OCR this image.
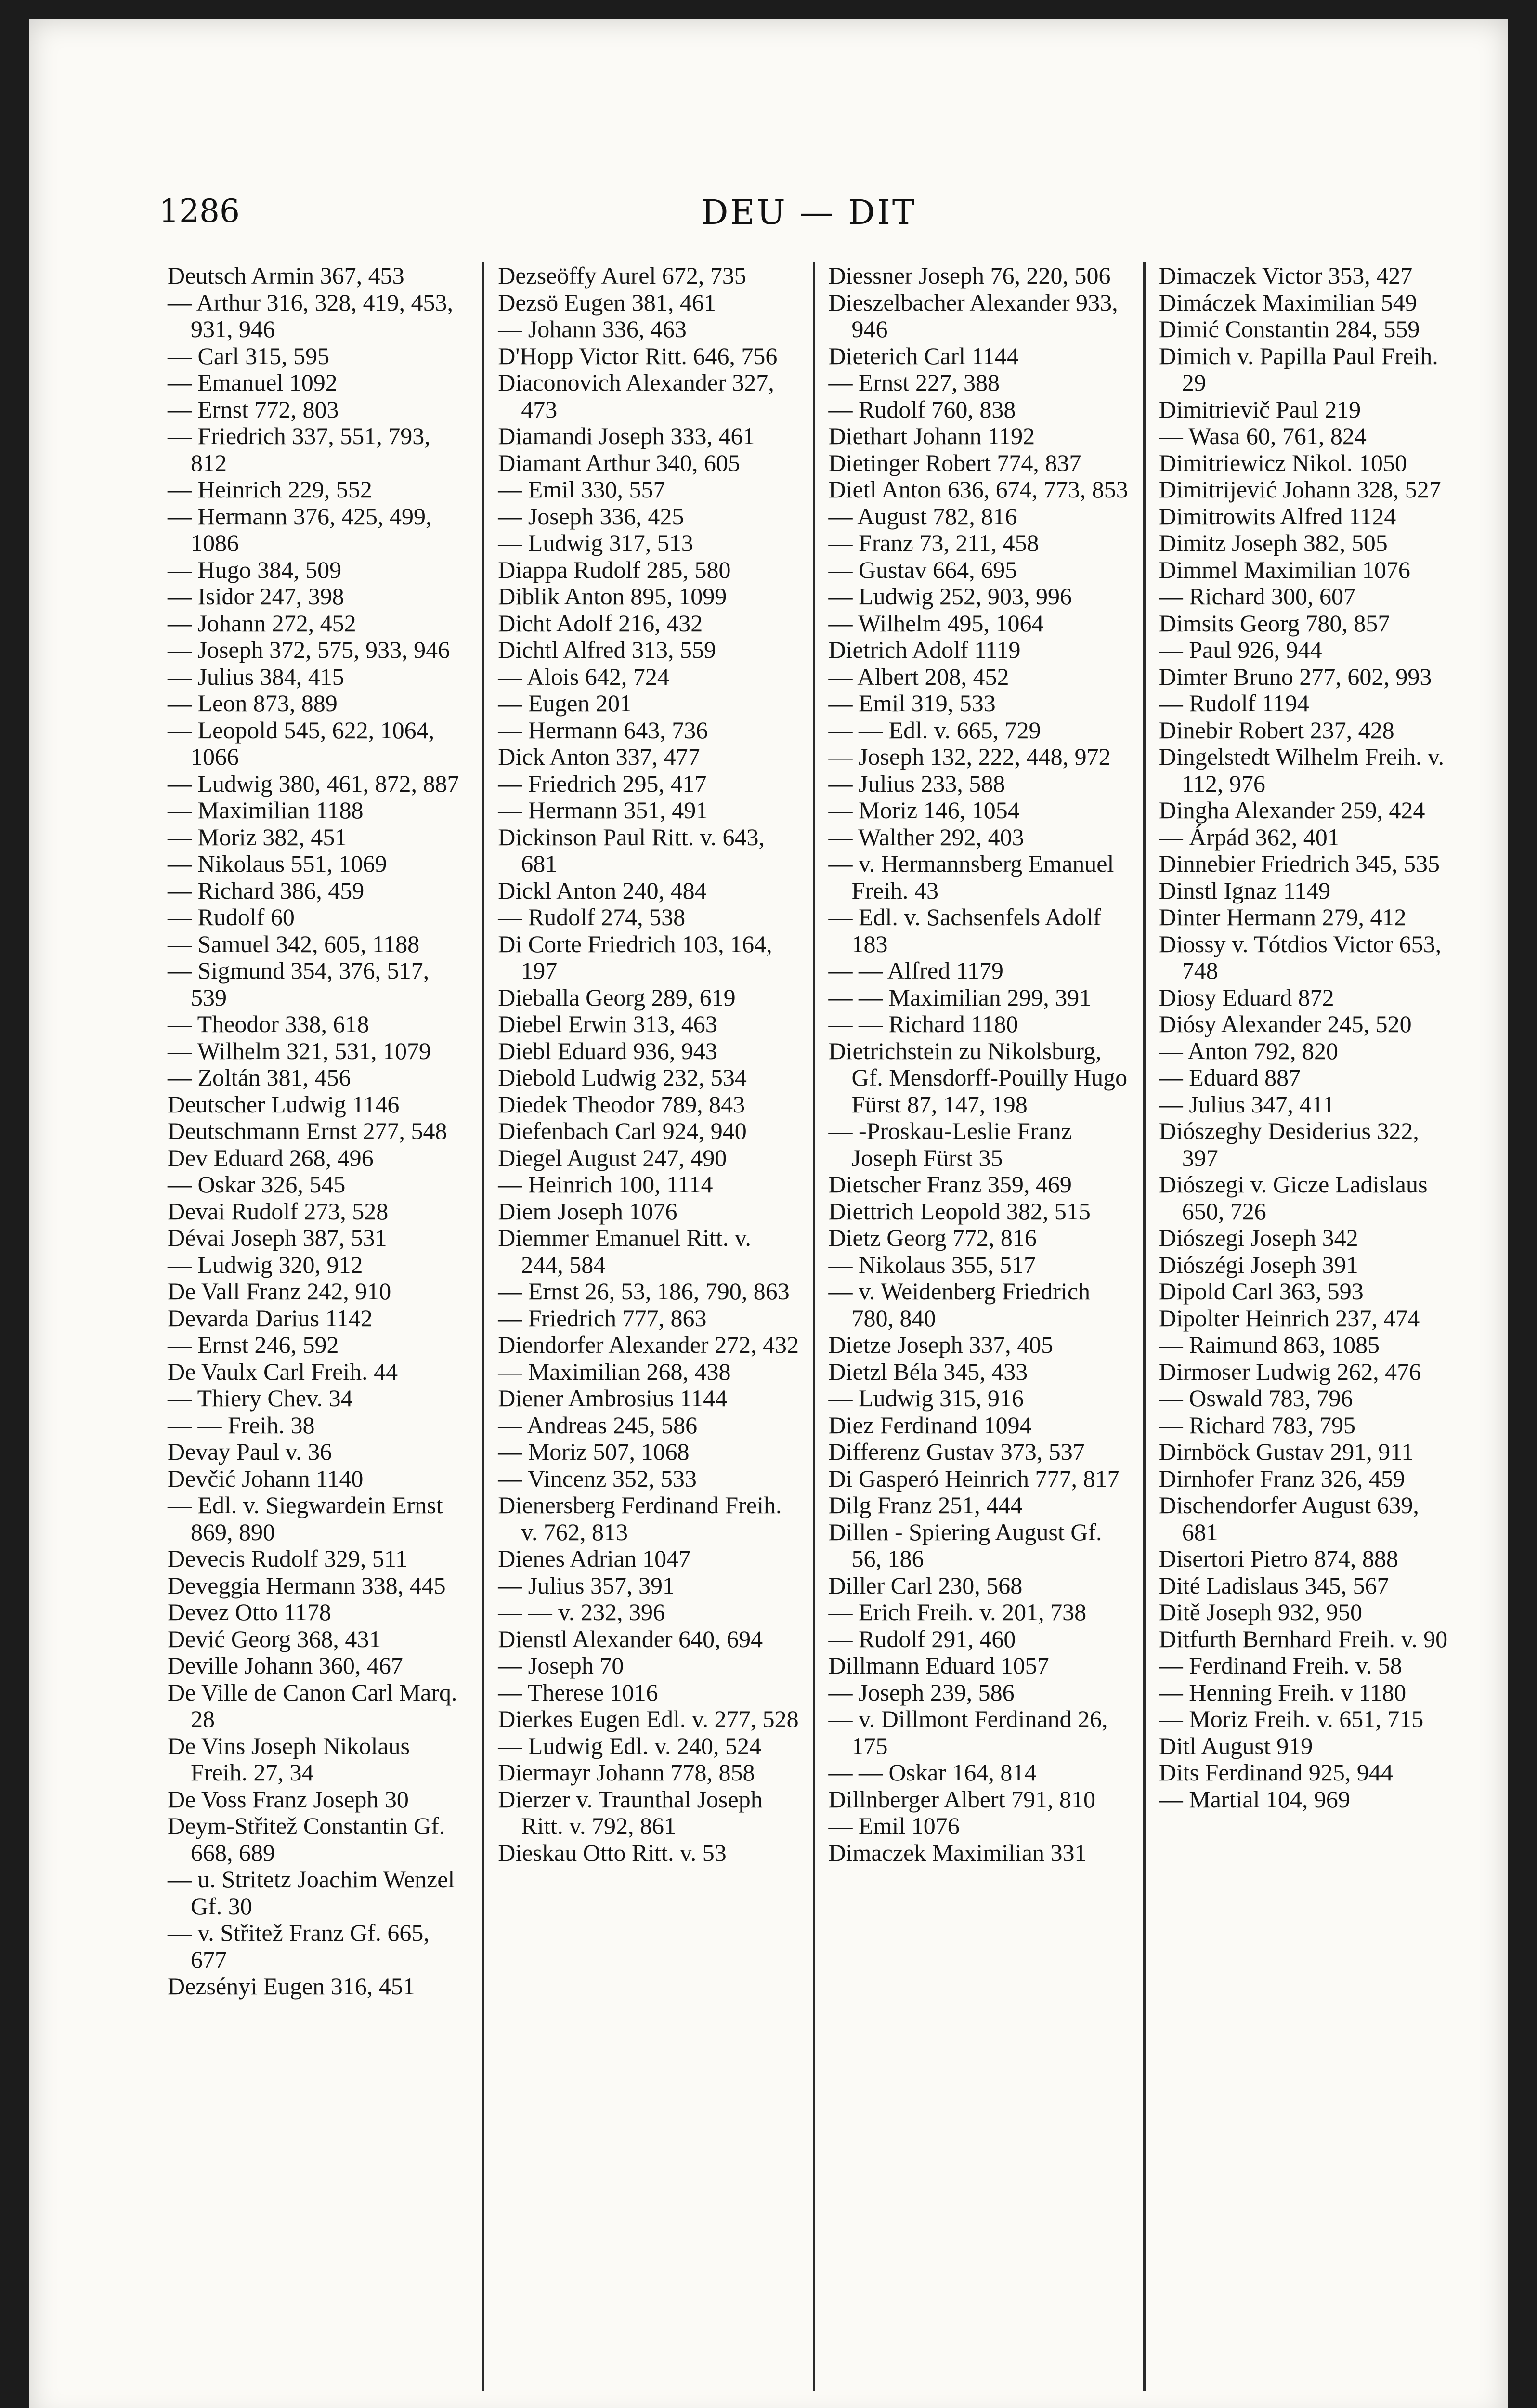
1286	DEU — DIT
Deutsch Armin 367, 453
— Arthur 316, 328, 419, 453, 931, 946
— Carl 315, 595
— Emanuel 1092
— Ernst 772, 803
— Friedrich 337, 551, 793, 812
— Heinrich 229, 552
— Hermann 376, 425, 499, 1086
— Hugo 384, 509
— Isidor 247, 398
— Johann 272, 452
— Joseph 372, 575, 933, 946
— Julius 384, 415
— Leon 873, 889
— Leopold 545, 622, 1064, 1066
— Ludwig 380, 461, 872, 887
— Maximilian 1188
— Moriz 382, 451
— Nikolaus 551, 1069
— Richard 386, 459
— Rudolf 60
— Samuel 342, 605, 1188
— Sigmund 354, 376, 517, 539
— Theodor 338, 618
— Wilhelm 321, 531, 1079
— Zoltán 381, 456
Deutscher Ludwig 1146
Deutschmann Ernst 277, 548
Dev Eduard 268, 496
— Oskar 326, 545
Devai Rudolf 273, 528
Dévai Joseph 387, 531
— Ludwig 320, 912
De Vall Franz 242, 910
Devarda Darius 1142
— Ernst 246, 592
De Vaulx Carl Freih. 44
— Thiery Chev. 34
— — Freih. 38
Devay Paul v. 36
Devčić Johann 1140
— Edl. v. Siegwardein Ernst 869, 890
Devecis Rudolf 329, 511
Deveggia Hermann 338, 445
Devez Otto 1178
Dević Georg 368, 431
Deville Johann 360, 467
De Ville de Canon Carl Marq. 28
De Vins Joseph Nikolaus Freih. 27, 34
De Voss Franz Joseph 30
Deym-Střitež Constantin Gf. 668, 689
— u. Stritetz Joachim Wenzel Gf. 30
— v. Střitež Franz Gf. 665, 677
Dezsényi Eugen 316, 451
Dezseöffy Aurel 672, 735
Dezsö Eugen 381, 461
— Johann 336, 463
D'Hopp Victor Ritt. 646, 756
Diaconovich Alexander 327, 473
Diamandi Joseph 333, 461
Diamant Arthur 340, 605
— Emil 330, 557
— Joseph 336, 425
— Ludwig 317, 513
Diappa Rudolf 285, 580
Diblik Anton 895, 1099
Dicht Adolf 216, 432
Dichtl Alfred 313, 559
— Alois 642, 724
— Eugen 201
— Hermann 643, 736
Dick Anton 337, 477
— Friedrich 295, 417
— Hermann 351, 491
Dickinson Paul Ritt. v. 643, 681
Dickl Anton 240, 484
— Rudolf 274, 538
Di Corte Friedrich 103, 164, 197
Dieballa Georg 289, 619
Diebel Erwin 313, 463
Diebl Eduard 936, 943
Diebold Ludwig 232, 534
Diedek Theodor 789, 843
Diefenbach Carl 924, 940
Diegel August 247, 490
— Heinrich 100, 1114
Diem Joseph 1076
Diemmer Emanuel Ritt. v. 244, 584
— Ernst 26, 53, 186, 790, 863
— Friedrich 777, 863
Diendorfer Alexander 272, 432
— Maximilian 268, 438
Diener Ambrosius 1144
— Andreas 245, 586
— Moriz 507, 1068
— Vincenz 352, 533
Dienersberg Ferdinand Freih. v. 762, 813
Dienes Adrian 1047
— Julius 357, 391
— — v. 232, 396
Dienstl Alexander 640, 694
— Joseph 70
— Therese 1016
Dierkes Eugen Edl. v. 277, 528
— Ludwig Edl. v. 240, 524
Diermayr Johann 778, 858
Dierzer v. Traunthal Joseph Ritt. v. 792, 861
Dieskau Otto Ritt. v. 53
Diessner Joseph 76, 220, 506
Dieszelbacher Alexander 933, 946
Dieterich Carl 1144
— Ernst 227, 388
— Rudolf 760, 838
Diethart Johann 1192
Dietinger Robert 774, 837
Dietl Anton 636, 674, 773, 853
— August 782, 816
— Franz 73, 211, 458
— Gustav 664, 695
— Ludwig 252, 903, 996
— Wilhelm 495, 1064
Dietrich Adolf 1119
— Albert 208, 452
— Emil 319, 533
— — Edl. v. 665, 729
— Joseph 132, 222, 448, 972
— Julius 233, 588
— Moriz 146, 1054
— Walther 292, 403
— v. Hermannsberg Emanuel Freih. 43
— Edl. v. Sachsenfels Adolf 183
— — Alfred 1179
— — Maximilian 299, 391
— — Richard 1180
Dietrichstein zu Nikolsburg, Gf. Mensdorff-Pouilly Hugo Fürst 87, 147, 198
— -Proskau-Leslie Franz Joseph Fürst 35
Dietscher Franz 359, 469
Diettrich Leopold 382, 515
Dietz Georg 772, 816
— Nikolaus 355, 517
— v. Weidenberg Friedrich 780, 840
Dietze Joseph 337, 405
Dietzl Béla 345, 433
— Ludwig 315, 916
Diez Ferdinand 1094
Differenz Gustav 373, 537
Di Gasperó Heinrich 777, 817
Dilg Franz 251, 444
Dillen - Spiering August Gf. 56, 186
Diller Carl 230, 568
— Erich Freih. v. 201, 738
— Rudolf 291, 460
Dillmann Eduard 1057
— Joseph 239, 586
— v. Dillmont Ferdinand 26, 175
— — Oskar 164, 814
Dillnberger Albert 791, 810
— Emil 1076
Dimaczek Maximilian 331
Dimaczek Victor 353, 427
Dimáczek Maximilian 549
Dimić Constantin 284, 559
Dimich v. Papilla Paul Freih. 29
Dimitrievič Paul 219
— Wasa 60, 761, 824
Dimitriewicz Nikol. 1050
Dimitrijević Johann 328, 527
Dimitrowits Alfred 1124
Dimitz Joseph 382, 505
Dimmel Maximilian 1076
— Richard 300, 607
Dimsits Georg 780, 857
— Paul 926, 944
Dimter Bruno 277, 602, 993
— Rudolf 1194
Dinebir Robert 237, 428
Dingelstedt Wilhelm Freih. v. 112, 976
Dingha Alexander 259, 424
— Árpád 362, 401
Dinnebier Friedrich 345, 535
Dinstl Ignaz 1149
Dinter Hermann 279, 412
Diossy v. Tótdios Victor 653, 748
Diosy Eduard 872
Diósy Alexander 245, 520
— Anton 792, 820
— Eduard 887
— Julius 347, 411
Diószeghy Desiderius 322, 397
Diószegi v. Gicze Ladislaus 650, 726
Diószegi Joseph 342
Diószégi Joseph 391
Dipold Carl 363, 593
Dipolter Heinrich 237, 474
— Raimund 863, 1085
Dirmoser Ludwig 262, 476
— Oswald 783, 796
— Richard 783, 795
Dirnböck Gustav 291, 911
Dirnhofer Franz 326, 459
Dischendorfer August 639, 681
Disertori Pietro 874, 888
Dité Ladislaus 345, 567
Ditě Joseph 932, 950
Ditfurth Bernhard Freih. v. 90
— Ferdinand Freih. v. 58
— Henning Freih. v 1180
— Moriz Freih. v. 651, 715
Ditl August 919
Dits Ferdinand 925, 944
— Martial 104, 969
